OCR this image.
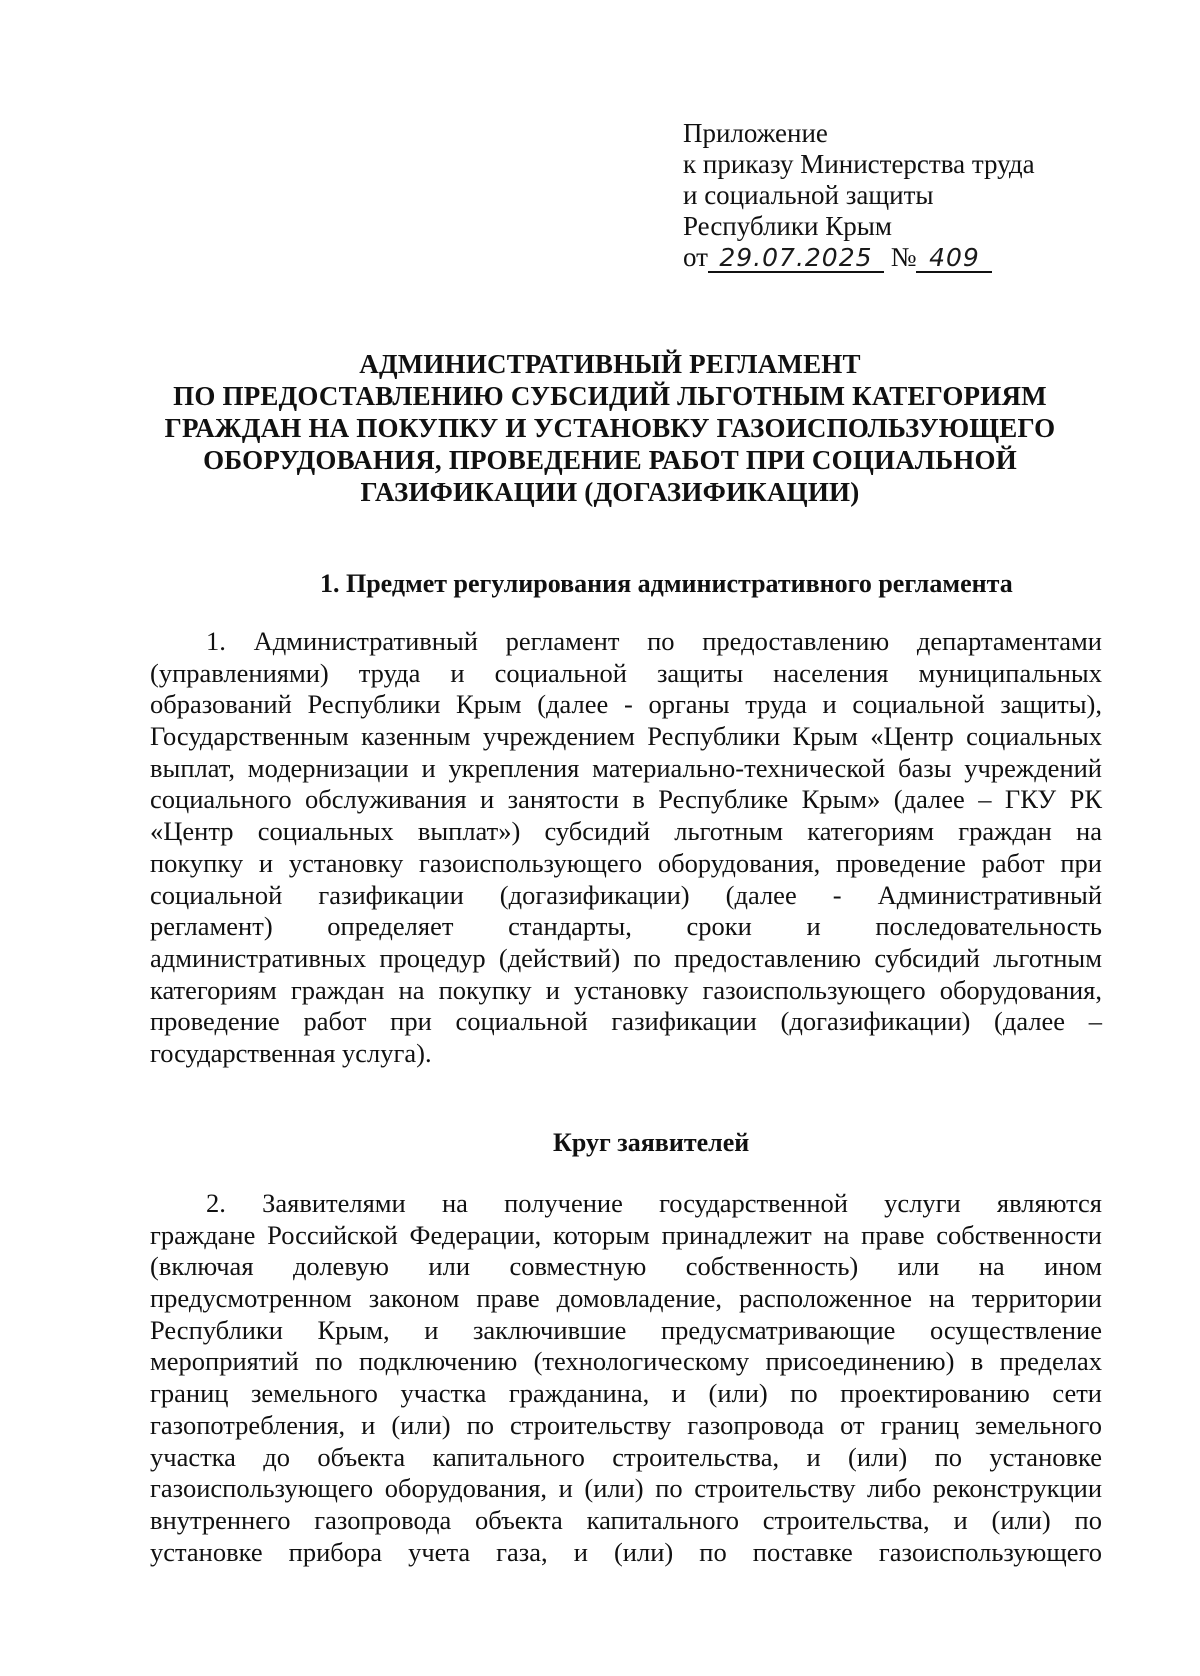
Приложение
к приказу Министерства труда
и социальной защиты
Республики Крым
от 29.07.2025 № 409
АДМИНИСТРАТИВНЫЙ РЕГЛАМЕНТ
ПО ПРЕДОСТАВЛЕНИЮ СУБСИДИЙ ЛЬГОТНЫМ КАТЕГОРИЯМ
ГРАЖДАН НА ПОКУПКУ И УСТАНОВКУ ГАЗОИСПОЛЬЗУЮЩЕГО
ОБОРУДОВАНИЯ, ПРОВЕДЕНИЕ РАБОТ ПРИ СОЦИАЛЬНОЙ
ГАЗИФИКАЦИИ (ДОГАЗИФИКАЦИИ)
1. Предмет регулирования административного регламента
1. Административный регламент по предоставлению департаментами
(управлениями) труда и социальной защиты населения муниципальных
образований Республики Крым (далее - органы труда и социальной защиты),
Государственным казенным учреждением Республики Крым «Центр социальных
выплат, модернизации и укрепления материально-технической базы учреждений
социального обслуживания и занятости в Республике Крым» (далее – ГКУ РК
«Центр социальных выплат») субсидий льготным категориям граждан на
покупку и установку газоиспользующего оборудования, проведение работ при
социальной газификации (догазификации) (далее - Административный
регламент) определяет стандарты, сроки и последовательность
административных процедур (действий) по предоставлению субсидий льготным
категориям граждан на покупку и установку газоиспользующего оборудования,
проведение работ при социальной газификации (догазификации) (далее –
государственная услуга).
Круг заявителей
2. Заявителями на получение государственной услуги являются
граждане Российской Федерации, которым принадлежит на праве собственности
(включая долевую или совместную собственность) или на ином
предусмотренном законом праве домовладение, расположенное на территории
Республики Крым, и заключившие предусматривающие осуществление
мероприятий по подключению (технологическому присоединению) в пределах
границ земельного участка гражданина, и (или) по проектированию сети
газопотребления, и (или) по строительству газопровода от границ земельного
участка до объекта капитального строительства, и (или) по установке
газоиспользующего оборудования, и (или) по строительству либо реконструкции
внутреннего газопровода объекта капитального строительства, и (или) по
установке прибора учета газа, и (или) по поставке газоиспользующего
